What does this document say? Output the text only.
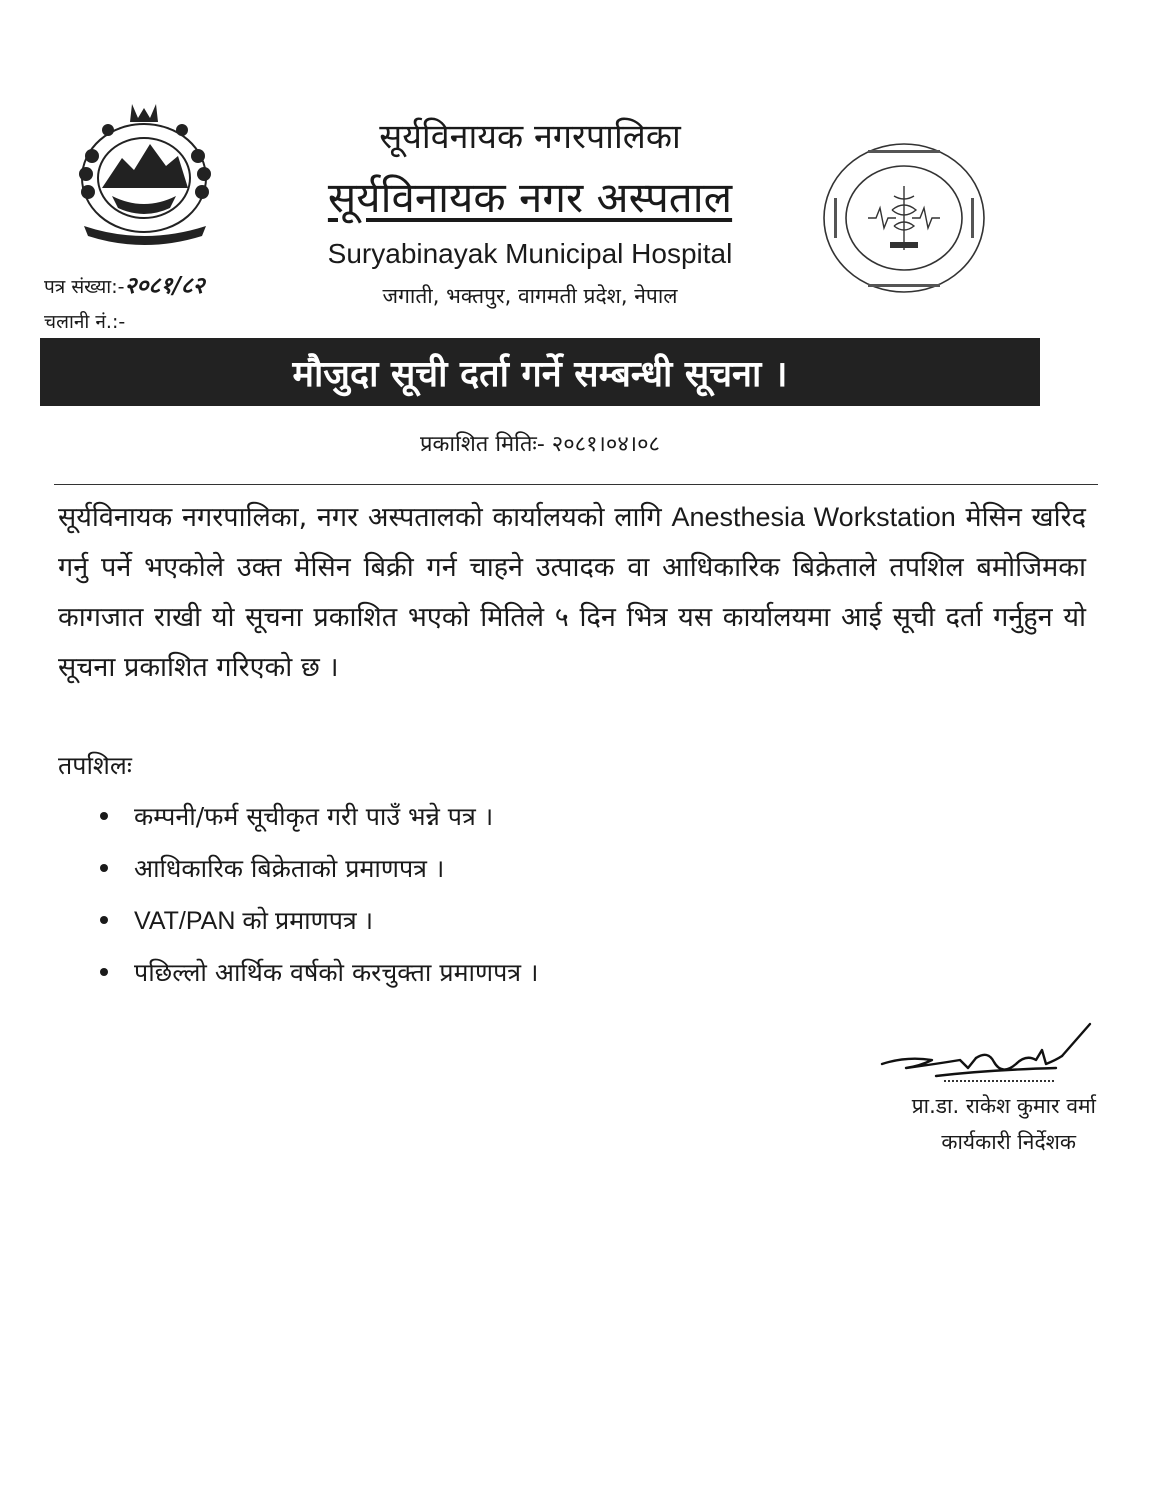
सूर्यविनायक नगरपालिका
सूर्यविनायक नगर अस्पताल
Suryabinayak Municipal Hospital
जगाती, भक्तपुर, वागमती प्रदेश, नेपाल
पत्र संख्या:-२०८१/८२
चलानी नं.:-
मौजुदा सूची दर्ता गर्ने सम्बन्धी सूचना ।
प्रकाशित मितिः- २०८१।०४।०८
सूर्यविनायक नगरपालिका, नगर अस्पतालको कार्यालयको लागि Anesthesia Workstation मेसिन खरिद गर्नु पर्ने भएकोले उक्त मेसिन बिक्री गर्न चाहने उत्पादक वा आधिकारिक बिक्रेताले तपशिल बमोजिमका कागजात राखी यो सूचना प्रकाशित भएको मितिले ५ दिन भित्र यस कार्यालयमा आई सूची दर्ता गर्नुहुन यो सूचना प्रकाशित गरिएको छ ।
तपशिलः
कम्पनी/फर्म सूचीकृत गरी पाउँ भन्ने पत्र ।
आधिकारिक बिक्रेताको प्रमाणपत्र ।
VAT/PAN को प्रमाणपत्र ।
पछिल्लो आर्थिक वर्षको करचुक्ता प्रमाणपत्र ।
प्रा.डा. राकेश कुमार वर्मा
कार्यकारी निर्देशक
